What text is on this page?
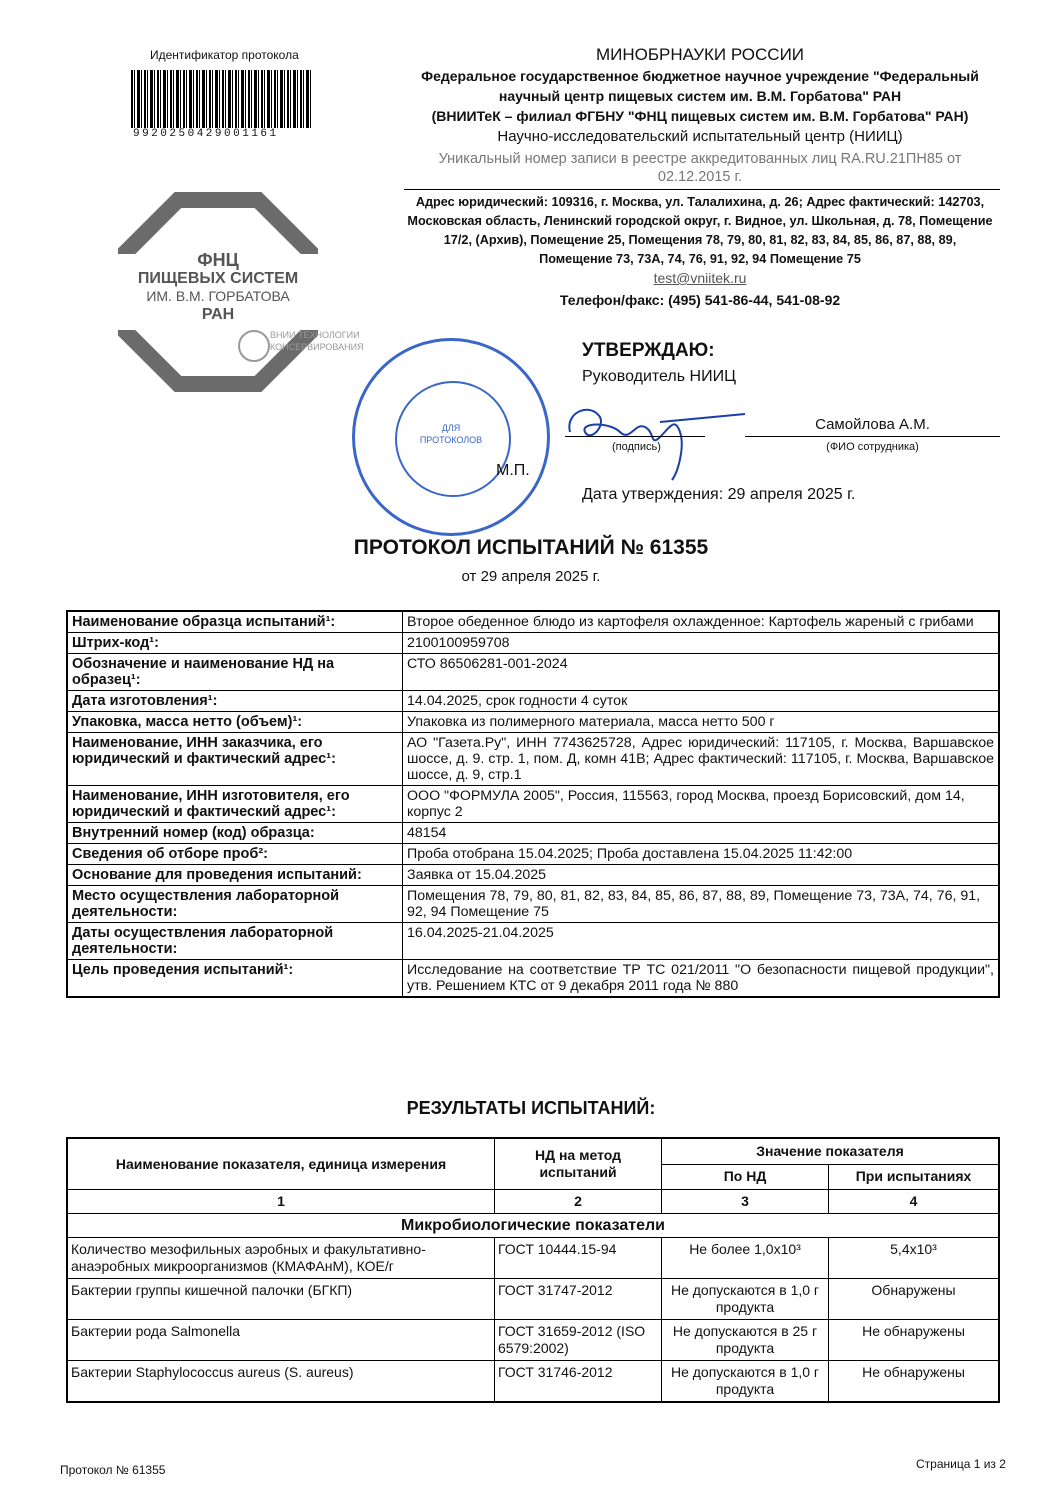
Идентификатор протокола
9920250429001161
МИНОБРНАУКИ РОССИИ
Федеральное государственное бюджетное научное учреждение "Федеральный
научный центр пищевых систем им. В.М. Горбатова" РАН
(ВНИИТеК – филиал ФГБНУ "ФНЦ пищевых систем им. В.М. Горбатова" РАН)
Научно-исследовательский испытательный центр (НИИЦ)
Уникальный номер записи в реестре аккредитованных лиц RA.RU.21ПН85 от
02.12.2015 г.
Адрес юридический: 109316, г. Москва, ул. Талалихина, д. 26; Адрес фактический: 142703,
Московская область, Ленинский городской округ, г. Видное, ул. Школьная, д. 78, Помещение
17/2, (Архив), Помещение 25, Помещения 78, 79, 80, 81, 82, 83, 84, 85, 86, 87, 88, 89,
Помещение 73, 73А, 74, 76, 91, 92, 94 Помещение 75
test@vniitek.ru
Телефон/факс: (495) 541-86-44, 541-08-92
ФНЦ
ПИЩЕВЫХ СИСТЕМ
ИМ. В.М. ГОРБАТОВА
РАН
ВНИИ ТЕХНОЛОГИИ
КОНСЕРВИРОВАНИЯ
ДЛЯ
ПРОТОКОЛОВ
М.П.
УТВЕРЖДАЮ:
Руководитель НИИЦ
(подпись)
Самойлова А.М.
(ФИО сотрудника)
Дата утверждения: 29 апреля 2025 г.
ПРОТОКОЛ ИСПЫТАНИЙ № 61355
от 29 апреля 2025 г.
Наименование образца испытаний¹:	Второе обеденное блюдо из картофеля охлажденное: Картофель жареный с грибами
Штрих-код¹:	2100100959708
Обозначение и наименование НД на образец¹:	СТО 86506281-001-2024
Дата изготовления¹:	14.04.2025, срок годности 4 суток
Упаковка, масса нетто (объем)¹:	Упаковка из полимерного материала, масса нетто 500 г
Наименование, ИНН заказчика, его юридический и фактический адрес¹:	АО "Газета.Ру", ИНН 7743625728, Адрес юридический: 117105, г. Москва, Варшавское шоссе, д. 9. стр. 1, пом. Д, комн 41В; Адрес фактический: 117105, г. Москва, Варшавское шоссе, д. 9, стр.1
Наименование, ИНН изготовителя, его юридический и фактический адрес¹:	ООО "ФОРМУЛА 2005", Россия, 115563, город Москва, проезд Борисовский, дом 14, корпус 2
Внутренний номер (код) образца:	48154
Сведения об отборе проб²:	Проба отобрана 15.04.2025; Проба доставлена 15.04.2025 11:42:00
Основание для проведения испытаний:	Заявка от 15.04.2025
Место осуществления лабораторной деятельности:	Помещения 78, 79, 80, 81, 82, 83, 84, 85, 86, 87, 88, 89, Помещение 73, 73А, 74, 76, 91, 92, 94 Помещение 75
Даты осуществления лабораторной деятельности:	16.04.2025-21.04.2025
Цель проведения испытаний¹:	Исследование на соответствие ТР ТС 021/2011 "О безопасности пищевой продукции", утв. Решением КТС от 9 декабря 2011 года № 880
РЕЗУЛЬТАТЫ ИСПЫТАНИЙ:
Наименование показателя, единица измерения	НД на метод испытаний	Значение показателя	
		По НД	При испытаниях
1	2	3	4
Микробиологические показатели			
Количество мезофильных аэробных и факультативно-анаэробных микроорганизмов (КМАФАнМ), КОЕ/г	ГОСТ 10444.15-94	Не более 1,0х10³	5,4х10³
Бактерии группы кишечной палочки (БГКП)	ГОСТ 31747-2012	Не допускаются в 1,0 г продукта	Обнаружены
Бактерии рода Salmonella	ГОСТ 31659-2012 (ISO 6579:2002)	Не допускаются в 25 г продукта	Не обнаружены
Бактерии Staphylococcus aureus (S. aureus)	ГОСТ 31746-2012	Не допускаются в 1,0 г продукта	Не обнаружены
Протокол № 61355	Страница 1 из 2
